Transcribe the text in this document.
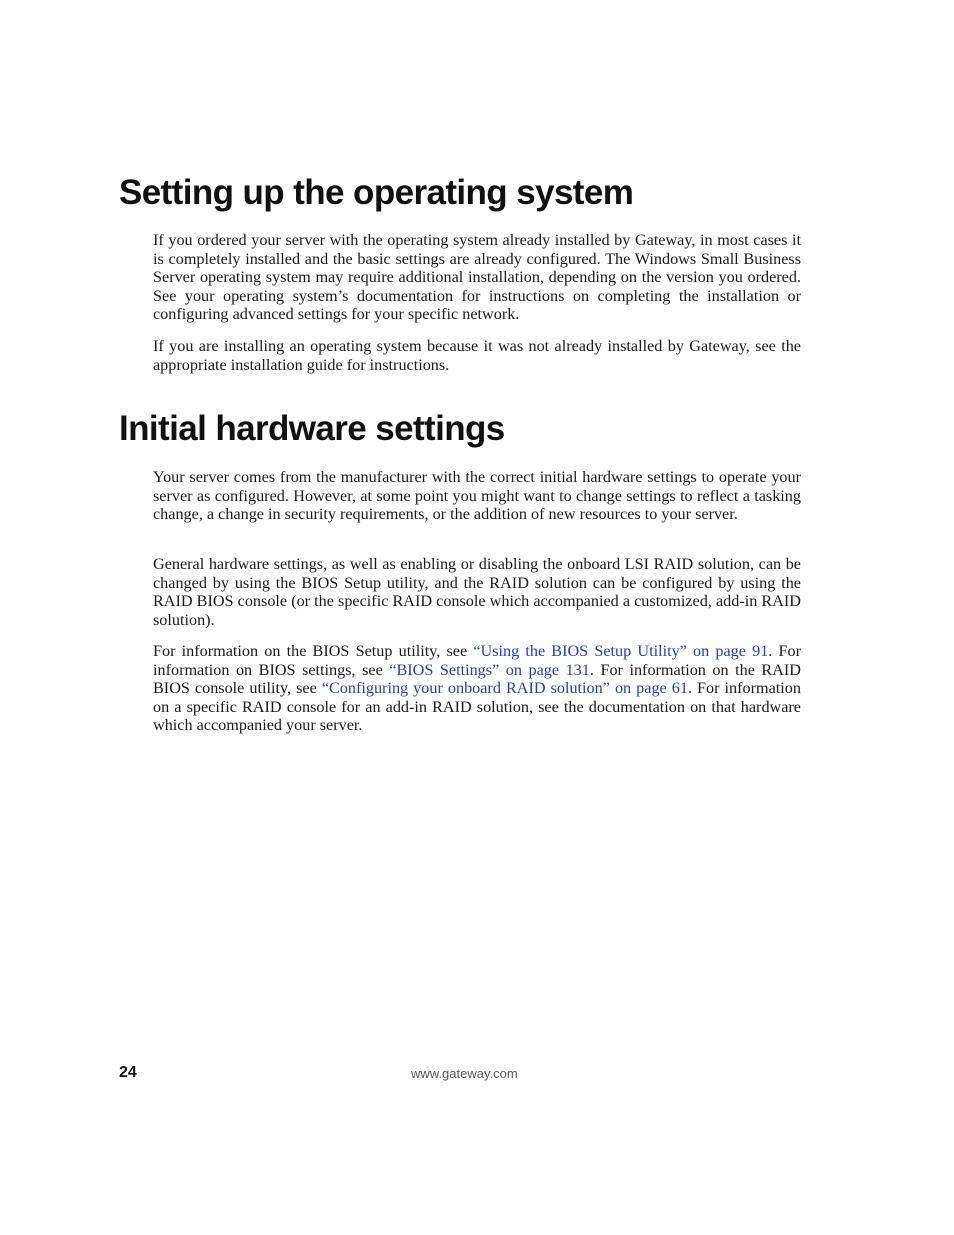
Setting up the operating system

If you ordered your server with the operating system already installed by Gateway, in most cases it is completely installed and the basic settings are already configured. The Windows Small Business Server operating system may require additional installation, depending on the version you ordered. See your operating system’s documentation for instructions on completing the installation or configuring advanced settings for your specific network.

If you are installing an operating system because it was not already installed by Gateway, see the appropriate installation guide for instructions.

Initial hardware settings

Your server comes from the manufacturer with the correct initial hardware settings to operate your server as configured. However, at some point you might want to change settings to reflect a tasking change, a change in security requirements, or the addition of new resources to your server.

General hardware settings, as well as enabling or disabling the onboard LSI RAID solution, can be changed by using the BIOS Setup utility, and the RAID solution can be configured by using the RAID BIOS console (or the specific RAID console which accompanied a customized, add-in RAID solution).

For information on the BIOS Setup utility, see “Using the BIOS Setup Utility” on page 91. For information on BIOS settings, see “BIOS Settings” on page 131. For information on the RAID BIOS console utility, see “Configuring your onboard RAID solution” on page 61. For information on a specific RAID console for an add-in RAID solution, see the documentation on that hardware which accompanied your server.

24	www.gateway.com
